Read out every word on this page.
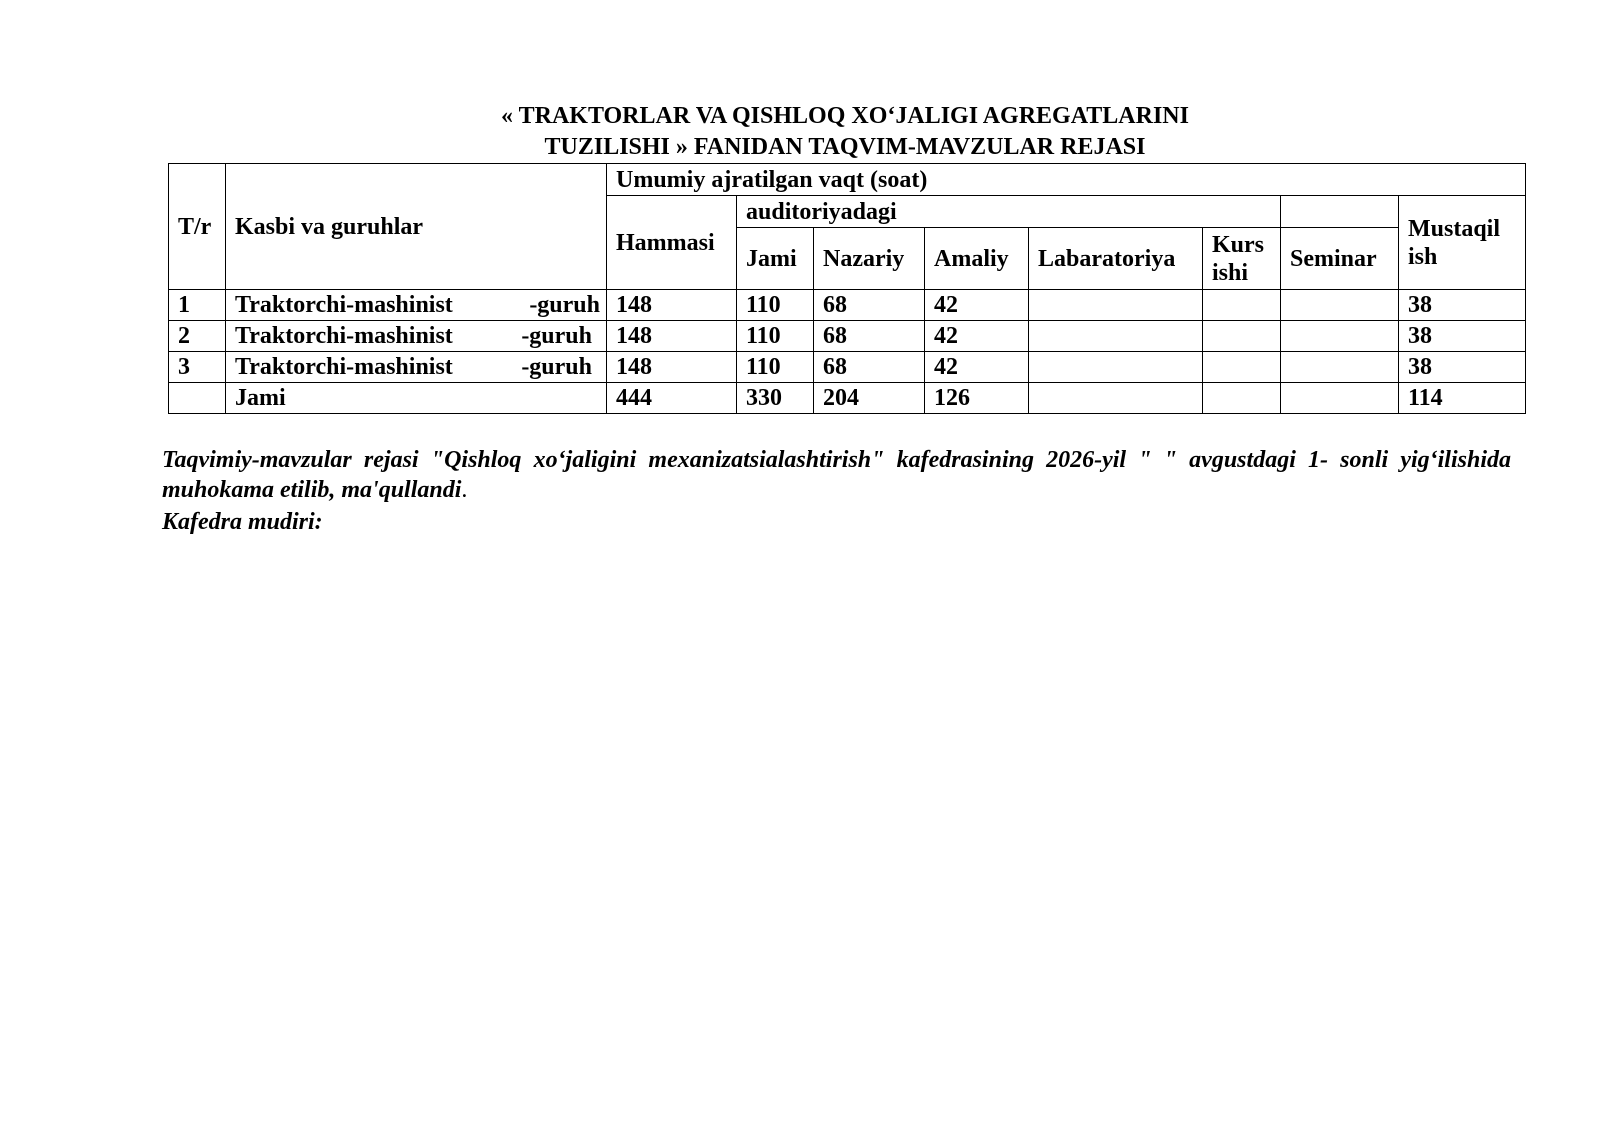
« TRAKTORLAR VA QISHLOQ XO‘JALIGI AGREGATLARINI
TUZILISHI » FANIDAN TAQVIM-MAVZULAR REJASI
T/r	Kasbi va guruhlar	Umumiy ajratilgan vaqt (soat)							
		Hammasi	auditoriyadagi						Mustaqil ish
			Jami	Nazariy	Amaliy	Labaratoriya	Kurs ishi	Seminar	
1	Traktorchi-mashinist -guruh	148	110	68	42				38
2	Traktorchi-mashinist -guruh	148	110	68	42				38
3	Traktorchi-mashinist -guruh	148	110	68	42				38
	Jami	444	330	204	126				114

Taqvimiy-mavzular rejasi "Qishloq xo‘jaligini mexanizatsialashtirish" kafedrasining 2026-yil " " avgustdagi 1- sonli yig‘ilishida muhokama etilib, ma'qullandi.

Kafedra mudiri:
